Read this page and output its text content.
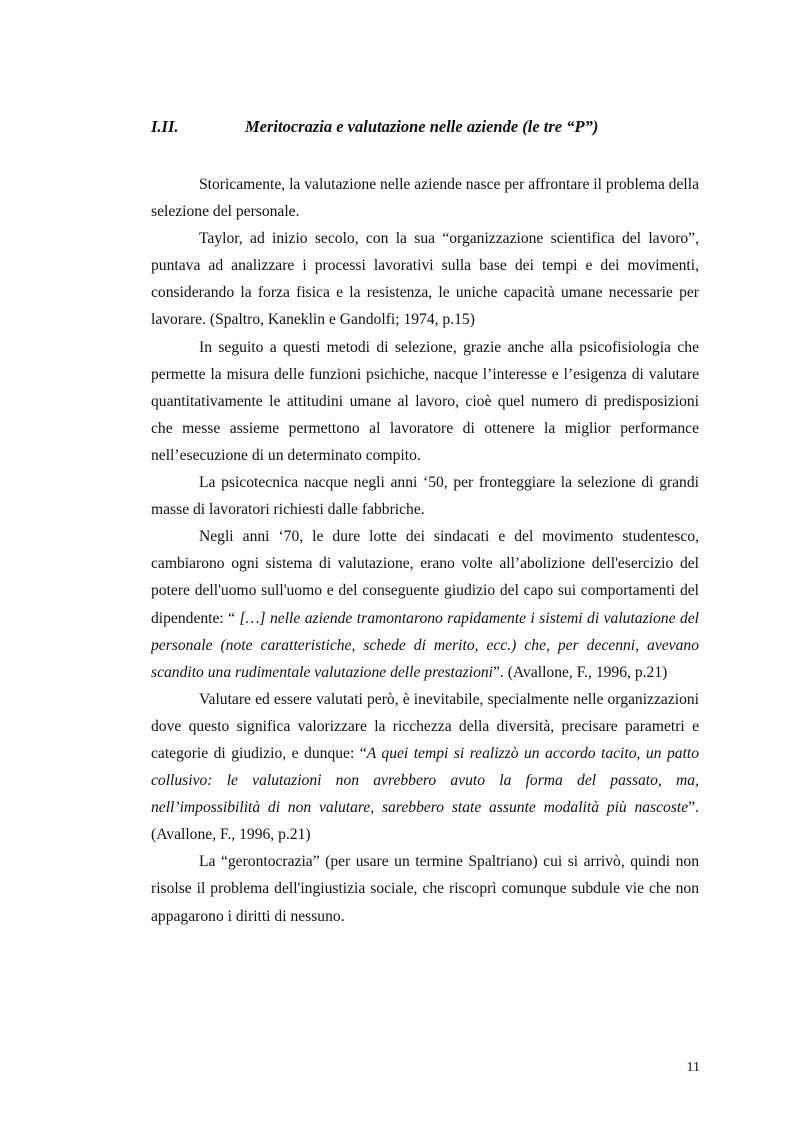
I.II.	Meritocrazia e valutazione nelle aziende (le tre “P”)

Storicamente, la valutazione nelle aziende nasce per affrontare il problema della selezione del personale.

Taylor, ad inizio secolo, con la sua “organizzazione scientifica del lavoro”, puntava ad analizzare i processi lavorativi sulla base dei tempi e dei movimenti, considerando la forza fisica e la resistenza, le uniche capacità umane necessarie per lavorare. (Spaltro, Kaneklin e Gandolfi; 1974, p.15)

In seguito a questi metodi di selezione, grazie anche alla psicofisiologia che permette la misura delle funzioni psichiche, nacque l’interesse e l’esigenza di valutare quantitativamente le attitudini umane al lavoro, cioè quel numero di predisposizioni che messe assieme permettono al lavoratore di ottenere la miglior performance nell’esecuzione di un determinato compito.

La psicotecnica nacque negli anni ‘50, per fronteggiare la selezione di grandi masse di lavoratori richiesti dalle fabbriche.

Negli anni ‘70, le dure lotte dei sindacati e del movimento studentesco, cambiarono ogni sistema di valutazione, erano volte all’abolizione dell'esercizio del potere dell'uomo sull'uomo e del conseguente giudizio del capo sui comportamenti del dipendente: “ […] nelle aziende tramontarono rapidamente i sistemi di valutazione del personale (note caratteristiche, schede di merito, ecc.) che, per decenni, avevano scandito una rudimentale valutazione delle prestazioni”. (Avallone, F., 1996, p.21)

Valutare ed essere valutati però, è inevitabile, specialmente nelle organizzazioni dove questo significa valorizzare la ricchezza della diversità, precisare parametri e categorie di giudizio, e dunque: “A quei tempi si realizzò un accordo tacito, un patto collusivo: le valutazioni non avrebbero avuto la forma del passato, ma, nell’impossibilità di non valutare, sarebbero state assunte modalità più nascoste”.(Avallone, F., 1996, p.21)

La “gerontocrazia” (per usare un termine Spaltriano) cui si arrivò, quindi non risolse il problema dell'ingiustizia sociale, che riscoprì comunque subdule vie che non appagarono i diritti di nessuno.

11
